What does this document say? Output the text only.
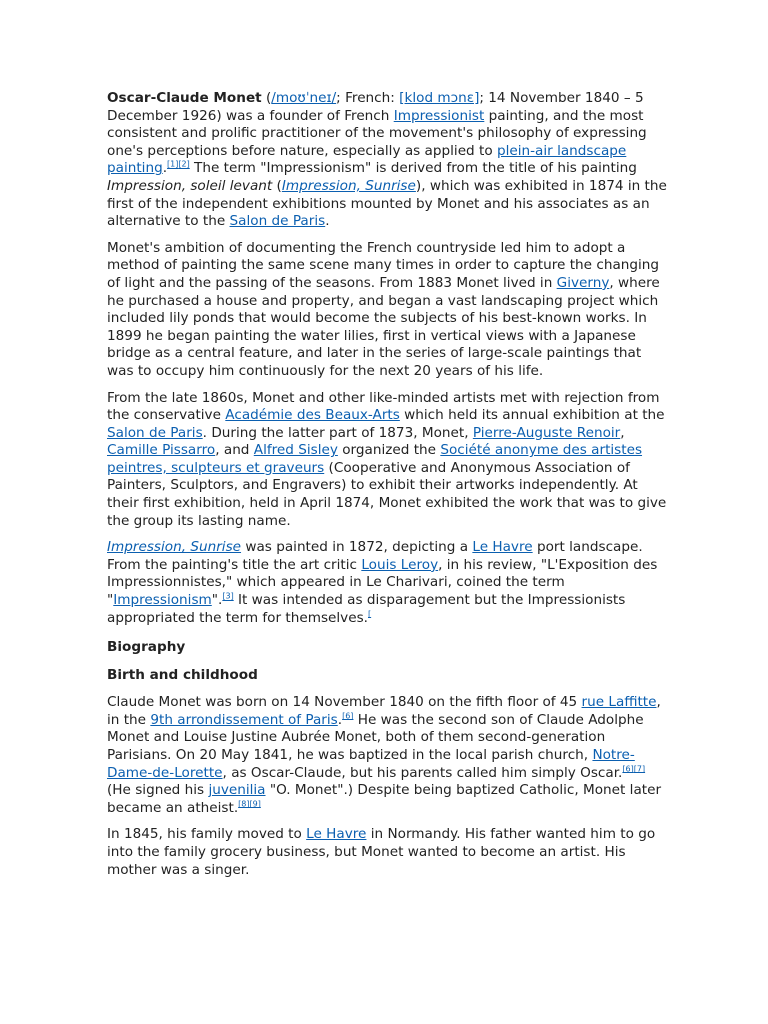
Oscar-Claude Monet (/moʊˈneɪ/; French: [klod mɔnɛ]; 14 November 1840 – 5 December 1926) was a founder of French Impressionist painting, and the most consistent and prolific practitioner of the movement's philosophy of expressing one's perceptions before nature, especially as applied to plein-air landscape painting.[1][2] The term "Impressionism" is derived from the title of his painting Impression, soleil levant (Impression, Sunrise), which was exhibited in 1874 in the first of the independent exhibitions mounted by Monet and his associates as an alternative to the Salon de Paris.

Monet's ambition of documenting the French countryside led him to adopt a method of painting the same scene many times in order to capture the changing of light and the passing of the seasons. From 1883 Monet lived in Giverny, where he purchased a house and property, and began a vast landscaping project which included lily ponds that would become the subjects of his best-known works. In 1899 he began painting the water lilies, first in vertical views with a Japanese bridge as a central feature, and later in the series of large-scale paintings that was to occupy him continuously for the next 20 years of his life.

From the late 1860s, Monet and other like-minded artists met with rejection from the conservative Académie des Beaux-Arts which held its annual exhibition at the Salon de Paris. During the latter part of 1873, Monet, Pierre-Auguste Renoir, Camille Pissarro, and Alfred Sisley organized the Société anonyme des artistes peintres, sculpteurs et graveurs (Cooperative and Anonymous Association of Painters, Sculptors, and Engravers) to exhibit their artworks independently. At their first exhibition, held in April 1874, Monet exhibited the work that was to give the group its lasting name.

Impression, Sunrise was painted in 1872, depicting a Le Havre port landscape. From the painting's title the art critic Louis Leroy, in his review, "L'Exposition des Impressionnistes," which appeared in Le Charivari, coined the term "Impressionism".[3] It was intended as disparagement but the Impressionists appropriated the term for themselves.[

Biography
Birth and childhood

Claude Monet was born on 14 November 1840 on the fifth floor of 45 rue Laffitte, in the 9th arrondissement of Paris.[6] He was the second son of Claude Adolphe Monet and Louise Justine Aubrée Monet, both of them second-generation Parisians. On 20 May 1841, he was baptized in the local parish church, Notre-Dame-de-Lorette, as Oscar-Claude, but his parents called him simply Oscar.[6][7] (He signed his juvenilia "O. Monet".) Despite being baptized Catholic, Monet later became an atheist.[8][9]

In 1845, his family moved to Le Havre in Normandy. His father wanted him to go into the family grocery business, but Monet wanted to become an artist. His mother was a singer.
